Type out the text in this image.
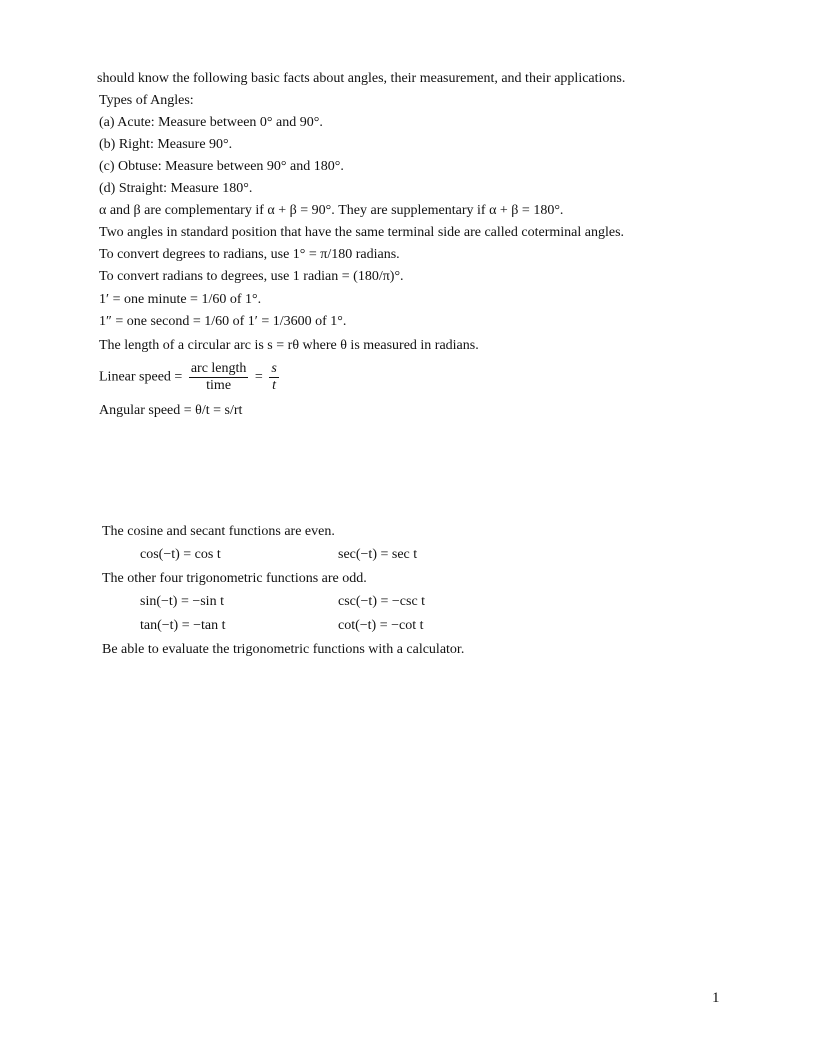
should know the following basic facts about angles, their measurement, and their applications.
Types of Angles:
(a) Acute: Measure between 0° and 90°.
(b) Right: Measure 90°.
(c) Obtuse: Measure between 90° and 180°.
(d) Straight: Measure 180°.
α and β are complementary if α + β = 90°. They are supplementary if α + β = 180°.
Two angles in standard position that have the same terminal side are called coterminal angles.
To convert degrees to radians, use 1° = π/180 radians.
To convert radians to degrees, use 1 radian = (180/π)°.
1′ = one minute = 1/60 of 1°.
1″ = one second = 1/60 of 1′ = 1/3600 of 1°.
The length of a circular arc is s = rθ where θ is measured in radians.
Linear speed = $\frac{\text{arc length}}{\text{time}} = \frac{s}{t}$
Angular speed = θ/t = s/rt
The cosine and secant functions are even.
cos(−t) = cos t	sec(−t) = sec t
The other four trigonometric functions are odd.
sin(−t) = −sin t	csc(−t) = −csc t
tan(−t) = −tan t	cot(−t) = −cot t
Be able to evaluate the trigonometric functions with a calculator.
1
